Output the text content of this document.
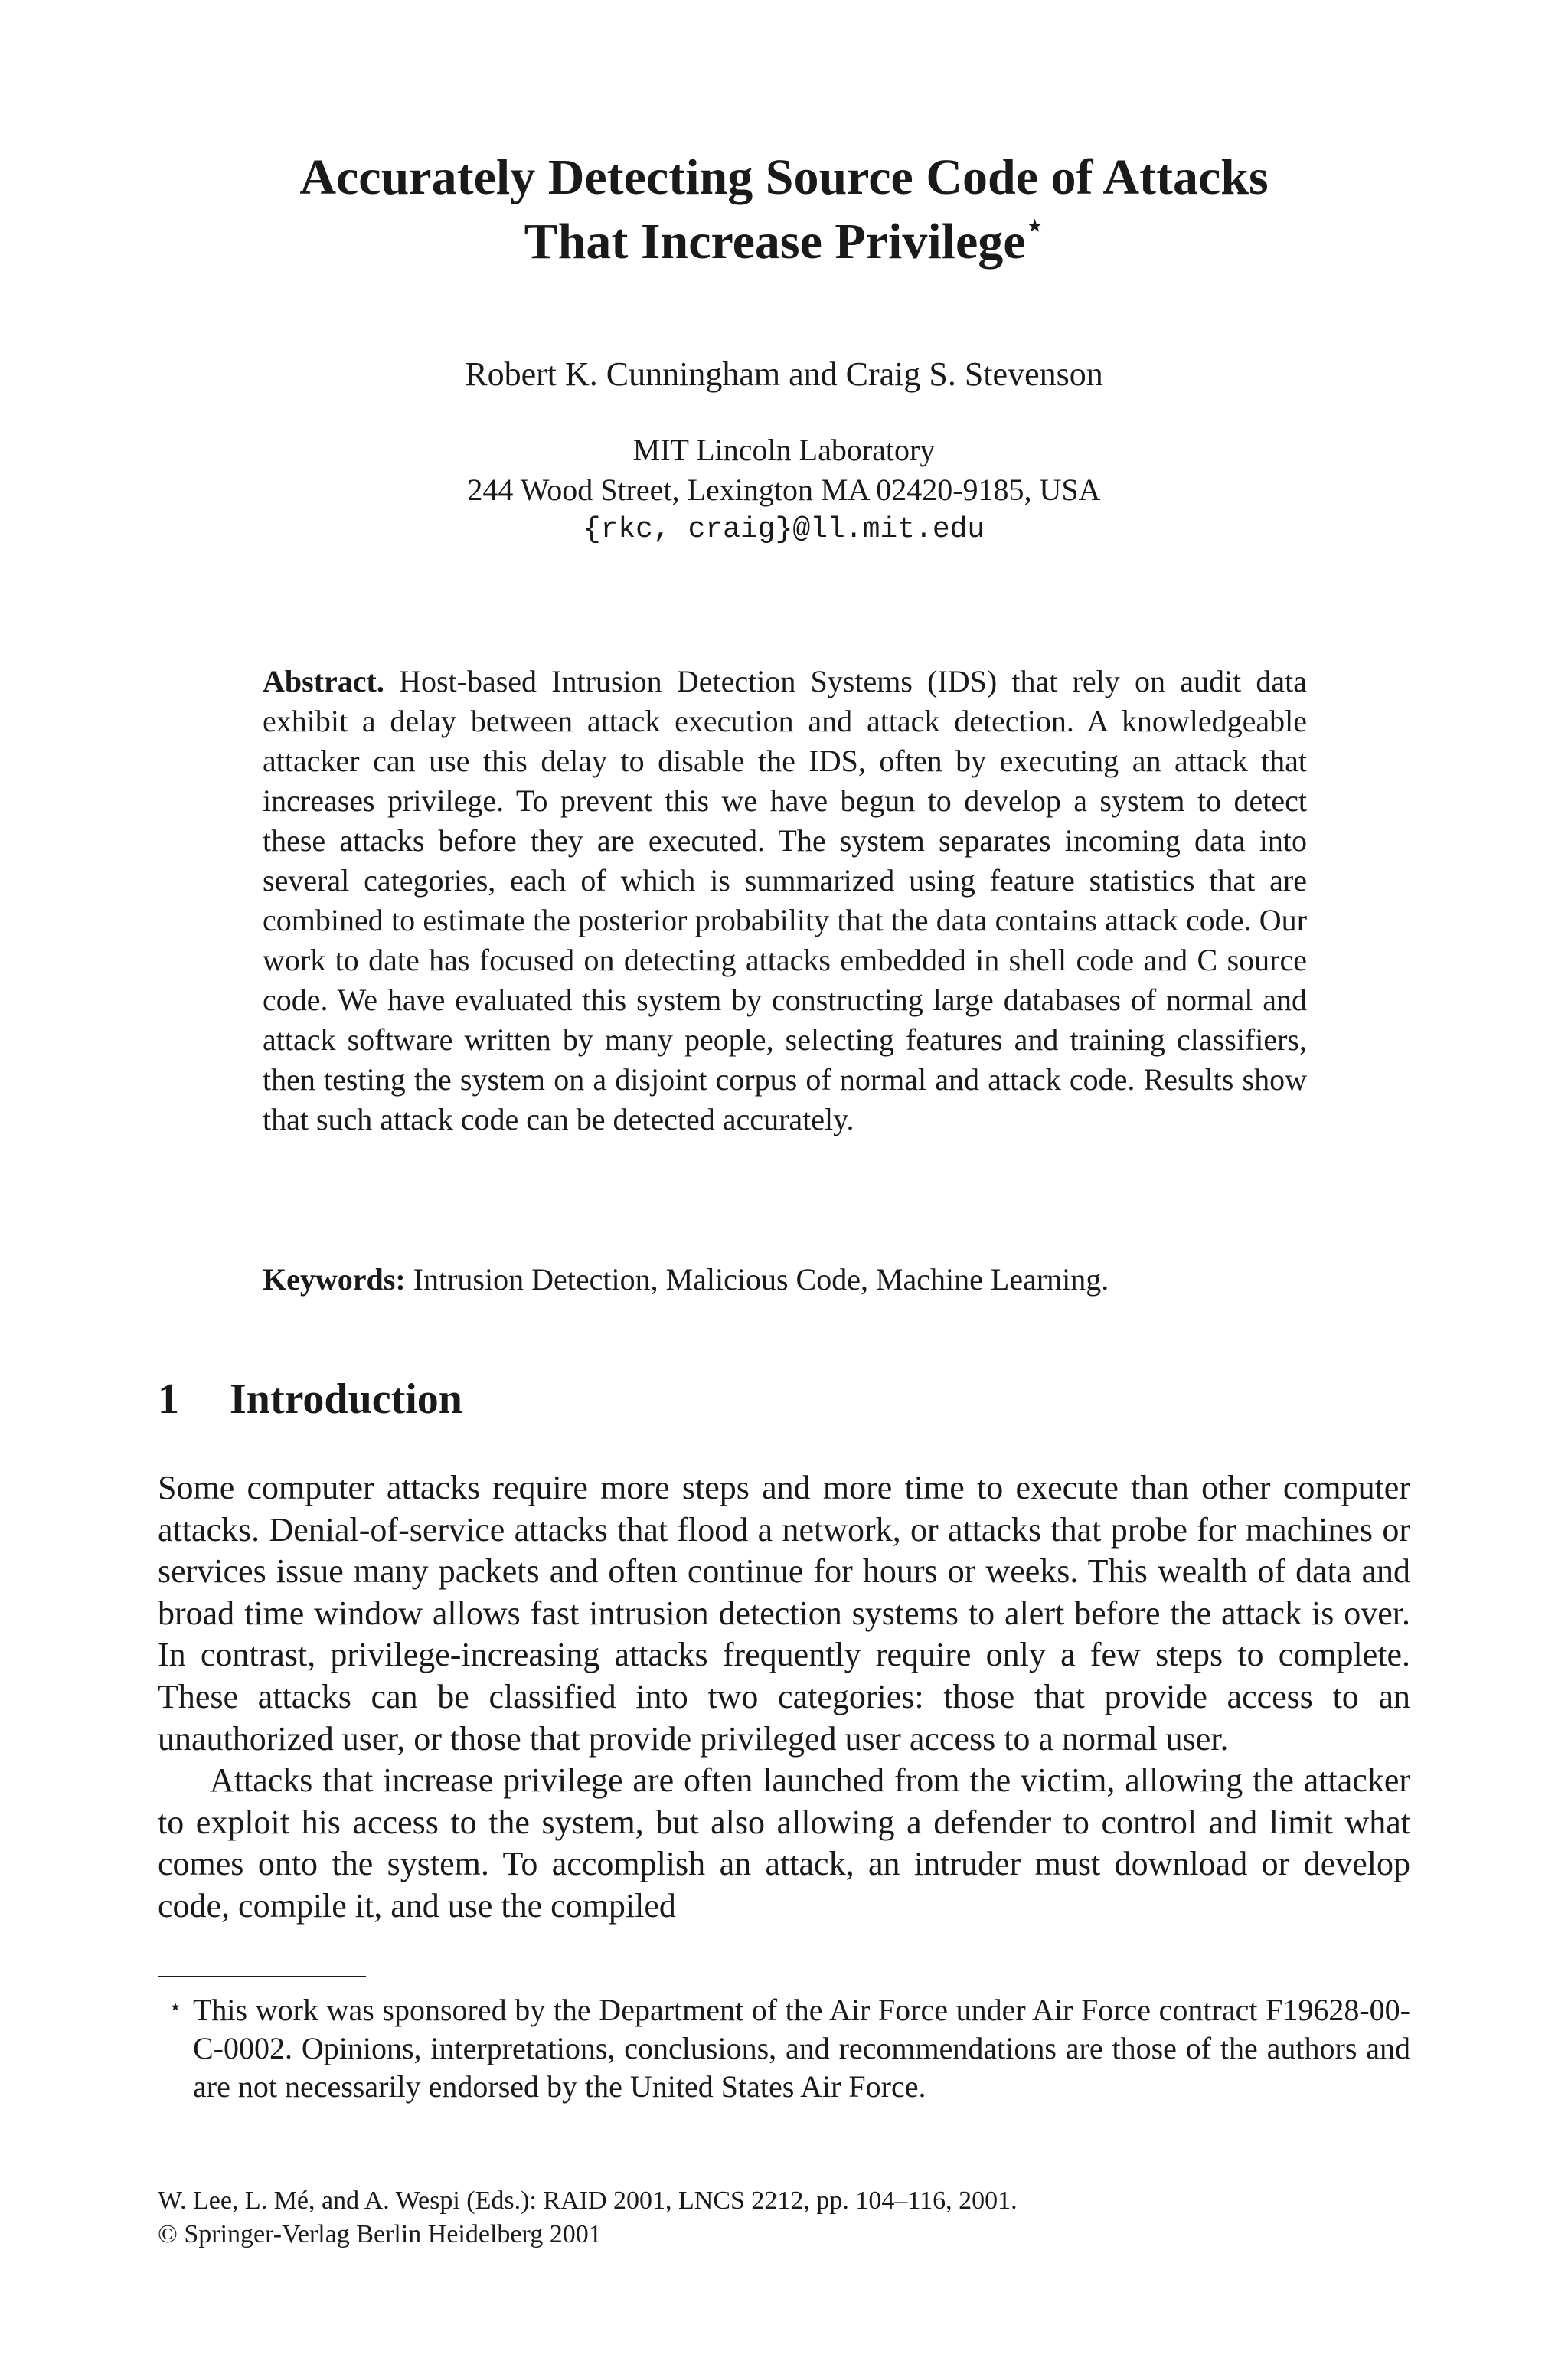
Accurately Detecting Source Code of Attacks
That Increase Privilege⋆
Robert K. Cunningham and Craig S. Stevenson
MIT Lincoln Laboratory
244 Wood Street, Lexington MA 02420-9185, USA
{rkc, craig}@ll.mit.edu

Abstract. Host-based Intrusion Detection Systems (IDS) that rely on audit data exhibit a delay between attack execution and attack detection. A knowledgeable attacker can use this delay to disable the IDS, often by executing an attack that increases privilege. To prevent this we have begun to develop a system to detect these attacks before they are executed. The system separates incoming data into several categories, each of which is summarized using feature statistics that are combined to estimate the posterior probability that the data contains attack code. Our work to date has focused on detecting attacks embedded in shell code and C source code. We have evaluated this system by constructing large databases of normal and attack software written by many people, selecting features and training classifiers, then testing the system on a disjoint corpus of normal and attack code. Results show that such attack code can be detected accurately.

Keywords: Intrusion Detection, Malicious Code, Machine Learning.

1 Introduction

Some computer attacks require more steps and more time to execute than other computer attacks. Denial-of-service attacks that flood a network, or attacks that probe for machines or services issue many packets and often continue for hours or weeks. This wealth of data and broad time window allows fast intrusion detection systems to alert before the attack is over. In contrast, privilege-increasing attacks frequently require only a few steps to complete. These attacks can be classified into two categories: those that provide access to an unauthorized user, or those that provide privileged user access to a normal user.

Attacks that increase privilege are often launched from the victim, allowing the attacker to exploit his access to the system, but also allowing a defender to control and limit what comes onto the system. To accomplish an attack, an intruder must download or develop code, compile it, and use the compiled

⋆ This work was sponsored by the Department of the Air Force under Air Force contract F19628-00-C-0002. Opinions, interpretations, conclusions, and recommendations are those of the authors and are not necessarily endorsed by the United States Air Force.
W. Lee, L. Mé, and A. Wespi (Eds.): RAID 2001, LNCS 2212, pp. 104–116, 2001.
© Springer-Verlag Berlin Heidelberg 2001
